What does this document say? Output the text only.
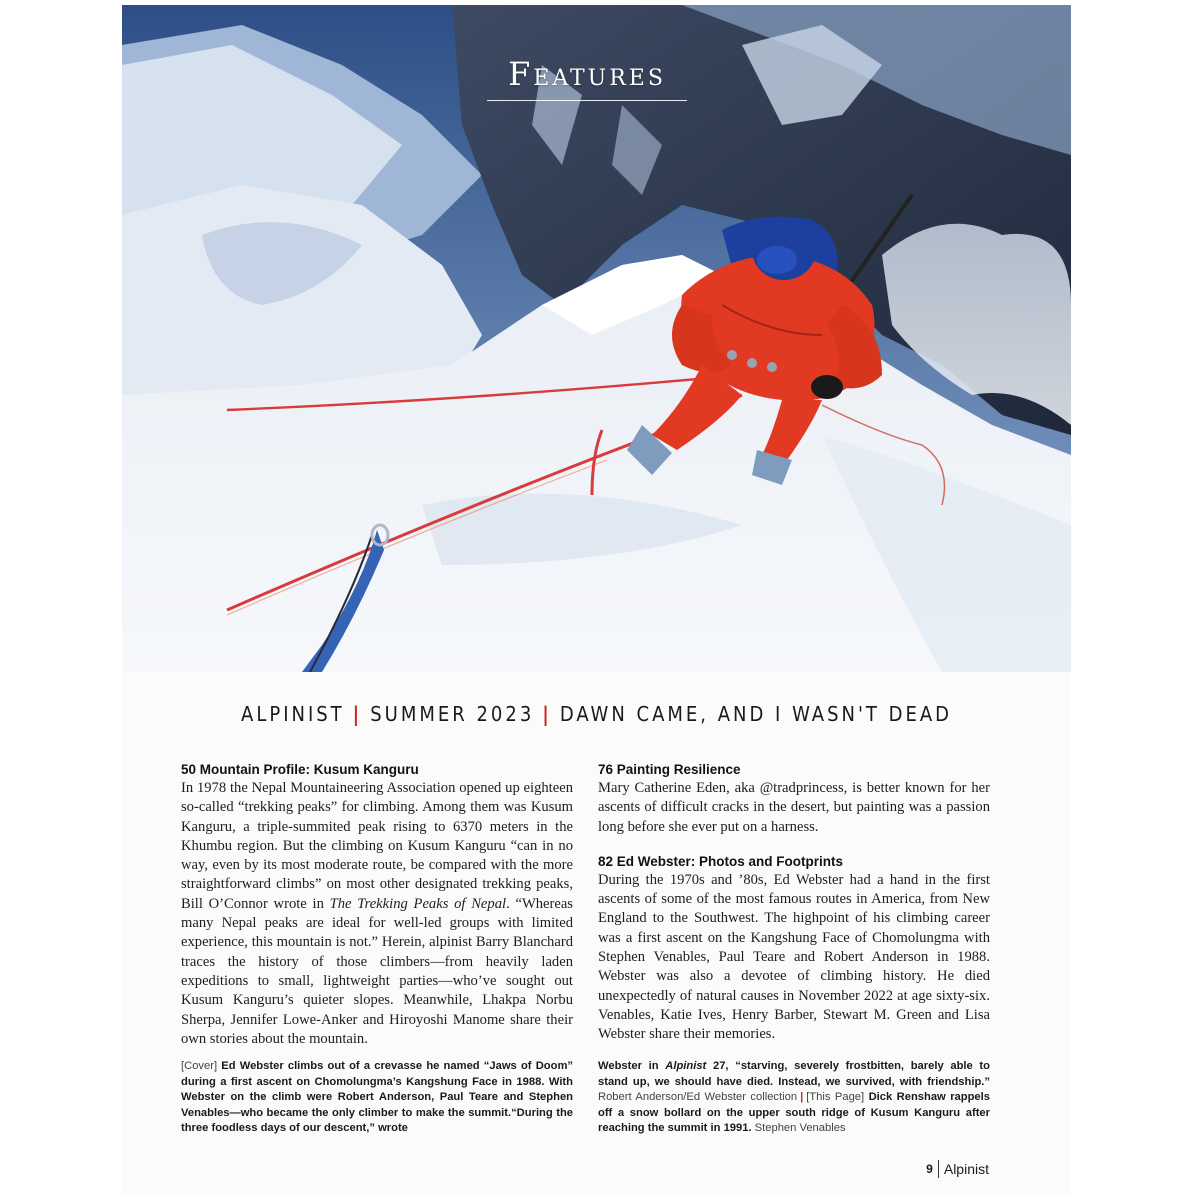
Features
ALPINIST | SUMMER 2023 | DAWN CAME, AND I WASN'T DEAD
50 Mountain Profile: Kusum Kanguru
In 1978 the Nepal Mountaineering Association opened up eighteen so-called “trekking peaks” for climbing. Among them was Kusum Kanguru, a triple-summited peak rising to 6370 meters in the Khumbu region. But the climbing on Kusum Kanguru “can in no way, even by its most moderate route, be compared with the more straightforward climbs” on most other designated trekking peaks, Bill O’Connor wrote in The Trekking Peaks of Nepal. “Whereas many Nepal peaks are ideal for well-led groups with limited experience, this mountain is not.” Herein, alpinist Barry Blanchard traces the history of those climbers—from heavily laden expeditions to small, lightweight parties—who’ve sought out Kusum Kanguru’s quieter slopes. Meanwhile, Lhakpa Norbu Sherpa, Jennifer Lowe-Anker and Hiroyoshi Manome share their own stories about the mountain.
76 Painting Resilience
Mary Catherine Eden, aka @tradprincess, is better known for her ascents of difficult cracks in the desert, but painting was a passion long before she ever put on a harness.
82 Ed Webster: Photos and Footprints
During the 1970s and ’80s, Ed Webster had a hand in the first ascents of some of the most famous routes in America, from New England to the Southwest. The highpoint of his climbing career was a first ascent on the Kangshung Face of Chomolungma with Stephen Venables, Paul Teare and Robert Anderson in 1988. Webster was also a devotee of climbing history. He died unexpectedly of natural causes in November 2022 at age sixty-six. Venables, Katie Ives, Henry Barber, Stewart M. Green and Lisa Webster share their memories.
[Cover] Ed Webster climbs out of a crevasse he named “Jaws of Doom” during a first ascent on Chomolungma’s Kangshung Face in 1988. With Webster on the climb were Robert Anderson, Paul Teare and Stephen Venables—who became the only climber to make the summit.“During the three foodless days of our descent,” wrote
Webster in Alpinist 27, “starving, severely frostbitten, barely able to stand up, we should have died. Instead, we survived, with friendship.” Robert Anderson/Ed Webster collection | [This Page] Dick Renshaw rappels off a snow bollard on the upper south ridge of Kusum Kanguru after reaching the summit in 1991. Stephen Venables
9 Alpinist
